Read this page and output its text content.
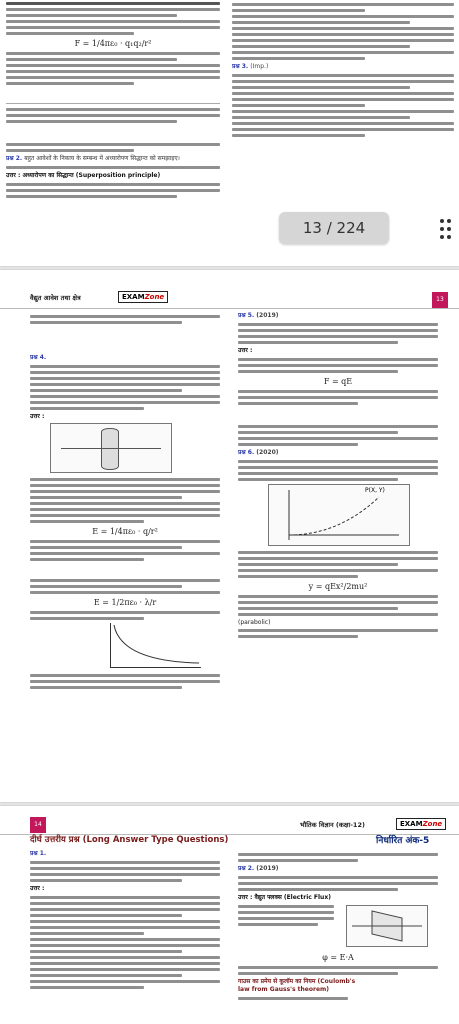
F = 1/4πε₀ · q₁q₂/r²
प्रश्न 2. बहुत आवेशों के निकाय के सम्बन्ध में अध्यारोपण सिद्धान्त को समझाइए।
उत्तर : अध्यारोपण का सिद्धान्त (Superposition principle)
प्रश्न 3. (Imp.)
13 / 224
वैद्युत आवेश तथा क्षेत्र	EXAMZone	13
प्रश्न 4.
उत्तर :
E = 1/4πε₀ · q/r²
E = 1/2πε₀ · λ/r
प्रश्न 5. (2019)
उत्तर :
F = qE
प्रश्न 6. (2020)
P(X, Y)
y = qEx²/2mu²
(parabolic)
14	भौतिक विज्ञान (कक्षा-12)	EXAMZone
दीर्घ उत्तरीय प्रश्न (Long Answer Type Questions)	निर्धारित अंक-5
प्रश्न 1.
उत्तर :
प्रश्न 2. (2019)
उत्तर : वैद्युत फ्लक्स (Electric Flux)
φ = E·A
गाउस का प्रमेय से कूलॉम का नियम (Coulomb's law from Gauss's theorem)
